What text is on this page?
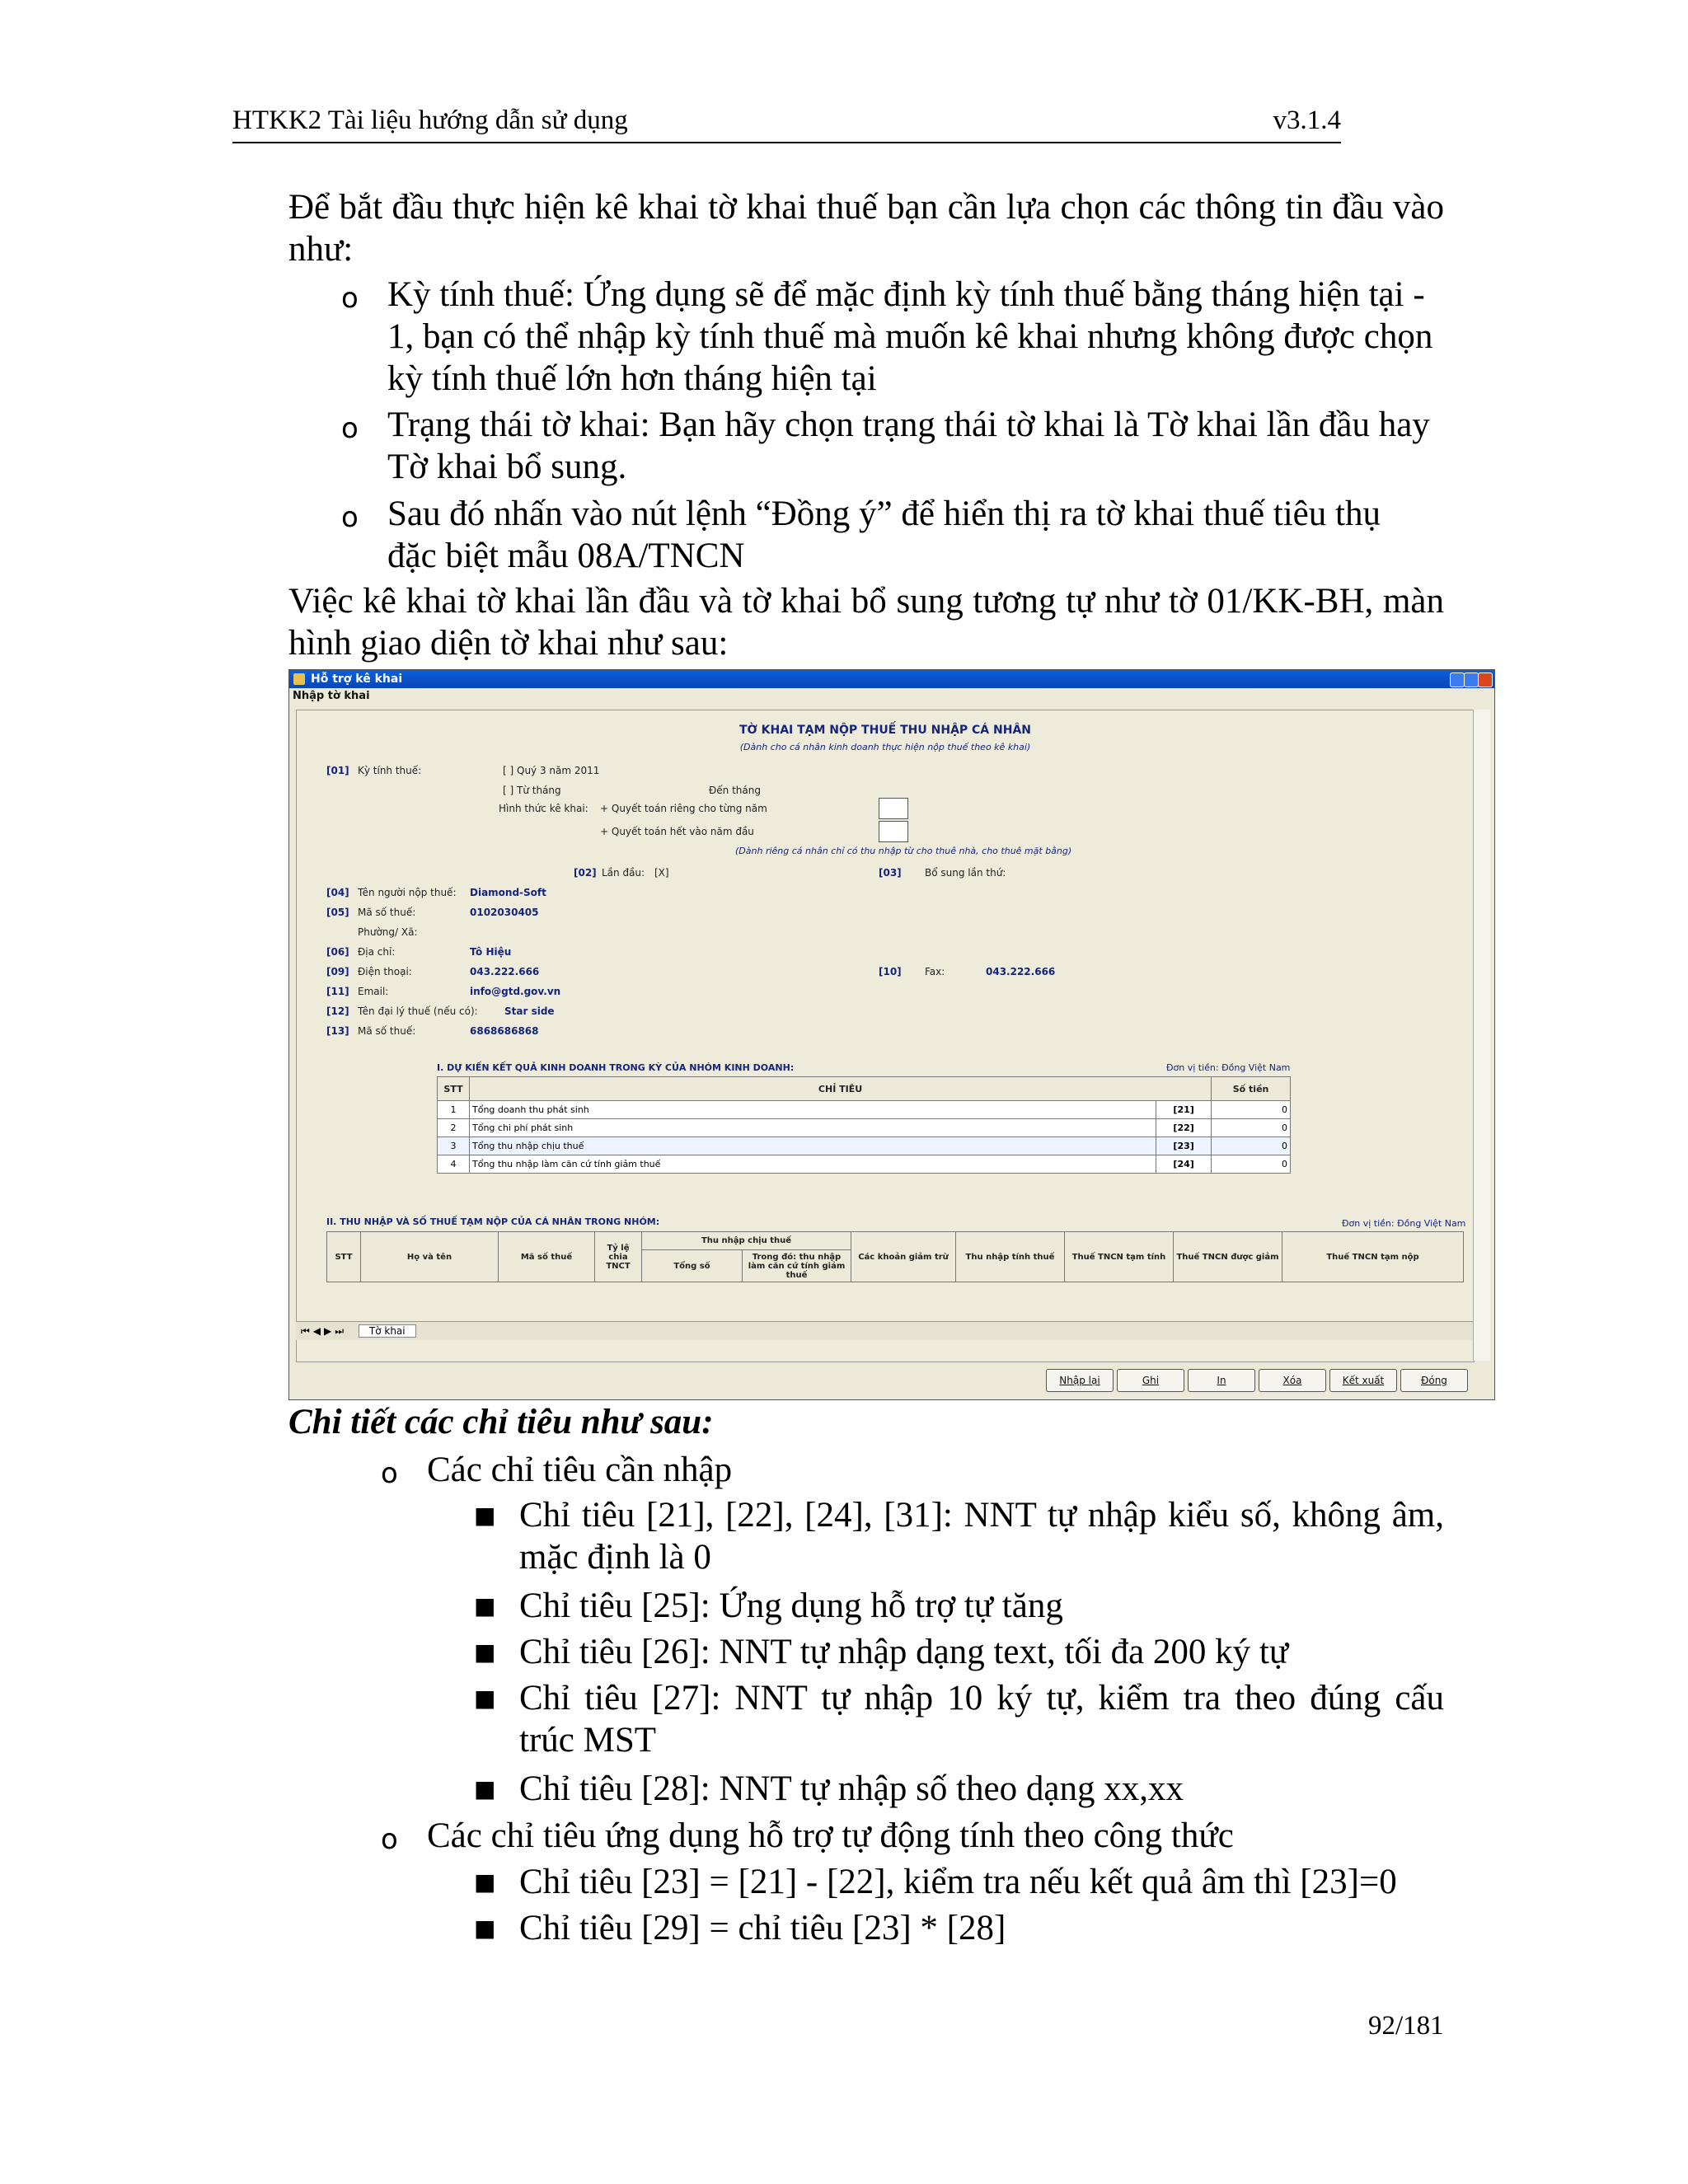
HTKK2 Tài liệu hướng dẫn sử dụng	v3.1.4
Để bắt đầu thực hiện kê khai tờ khai thuế bạn cần lựa chọn các thông tin đầu vào
như:
o Kỳ tính thuế: Ứng dụng sẽ để mặc định kỳ tính thuế bằng tháng hiện tại -
1, bạn có thể nhập kỳ tính thuế mà muốn kê khai nhưng không được chọn
kỳ tính thuế lớn hơn tháng hiện tại
o Trạng thái tờ khai: Bạn hãy chọn trạng thái tờ khai là Tờ khai lần đầu hay
Tờ khai bổ sung.
o Sau đó nhấn vào nút lệnh “Đồng ý” để hiển thị ra tờ khai thuế tiêu thụ
đặc biệt mẫu 08A/TNCN
Việc kê khai tờ khai lần đầu và tờ khai bổ sung tương tự như tờ 01/KK-BH, màn
hình giao diện tờ khai như sau:
Hỗ trợ kê khai
Nhập tờ khai
TỜ KHAI TẠM NỘP THUẾ THU NHẬP CÁ NHÂN
(Dành cho cá nhân kinh doanh thực hiện nộp thuế theo kê khai)
[01] Kỳ tính thuế:	[ ] Quý 3 năm 2011
[ ] Từ tháng	Đến tháng
Hình thức kê khai: + Quyết toán riêng cho từng năm
+ Quyết toán hết vào năm đầu
(Dành riêng cá nhân chỉ có thu nhập từ cho thuê nhà, cho thuê mặt bằng)
[02] Lần đầu: [X]	[03] Bổ sung lần thứ:
[04] Tên người nộp thuế: Diamond-Soft
[05] Mã số thuế:	0102030405
Phường/ Xã:
[06] Địa chỉ:	Tô Hiệu
[09] Điện thoại:	043.222.666	[10] Fax:	043.222.666
[11] Email:	info@gtd.gov.vn
[12] Tên đại lý thuế (nếu có):	Star side
[13] Mã số thuế:	6868686868
I. DỰ KIẾN KẾT QUẢ KINH DOANH TRONG KỲ CỦA NHÓM KINH DOANH:	Đơn vị tiền: Đồng Việt Nam
STT	CHỈ TIÊU		Số tiền
1	Tổng doanh thu phát sinh	[21]	0
2	Tổng chi phí phát sinh	[22]	0
3	Tổng thu nhập chịu thuế	[23]	0
4	Tổng thu nhập làm căn cứ tính giảm thuế	[24]	0
II. THU NHẬP VÀ SỐ THUẾ TẠM NỘP CỦA CÁ NHÂN TRONG NHÓM:	Đơn vị tiền: Đồng Việt Nam
STT	Họ và tên	Mã số thuế	Tỷ lệ chia TNCT	Thu nhập chịu thuế		Các khoản giảm trừ	Thu nhập tính thuế	Thuế TNCN tạm tính	Thuế TNCN được giảm	Thuế TNCN tạm nộp
				Tổng số	Trong đó: thu nhập làm căn cứ tính giảm thuế					
⏮◀▶⏭ Tờ khai
Nhập lại	Ghi	In	Xóa	Kết xuất	Đóng
Chi tiết các chỉ tiêu như sau:
o Các chỉ tiêu cần nhập
■ Chỉ tiêu [21], [22], [24], [31]: NNT tự nhập kiểu số, không âm,
mặc định là 0
■ Chỉ tiêu [25]: Ứng dụng hỗ trợ tự tăng
■ Chỉ tiêu [26]: NNT tự nhập dạng text, tối đa 200 ký tự
■ Chỉ tiêu [27]: NNT tự nhập 10 ký tự, kiểm tra theo đúng cấu
trúc MST
■ Chỉ tiêu [28]: NNT tự nhập số theo dạng xx,xx
o Các chỉ tiêu ứng dụng hỗ trợ tự động tính theo công thức
■ Chỉ tiêu [23] = [21] - [22], kiểm tra nếu kết quả âm thì [23]=0
■ Chỉ tiêu [29] = chỉ tiêu [23] * [28]
92/181
